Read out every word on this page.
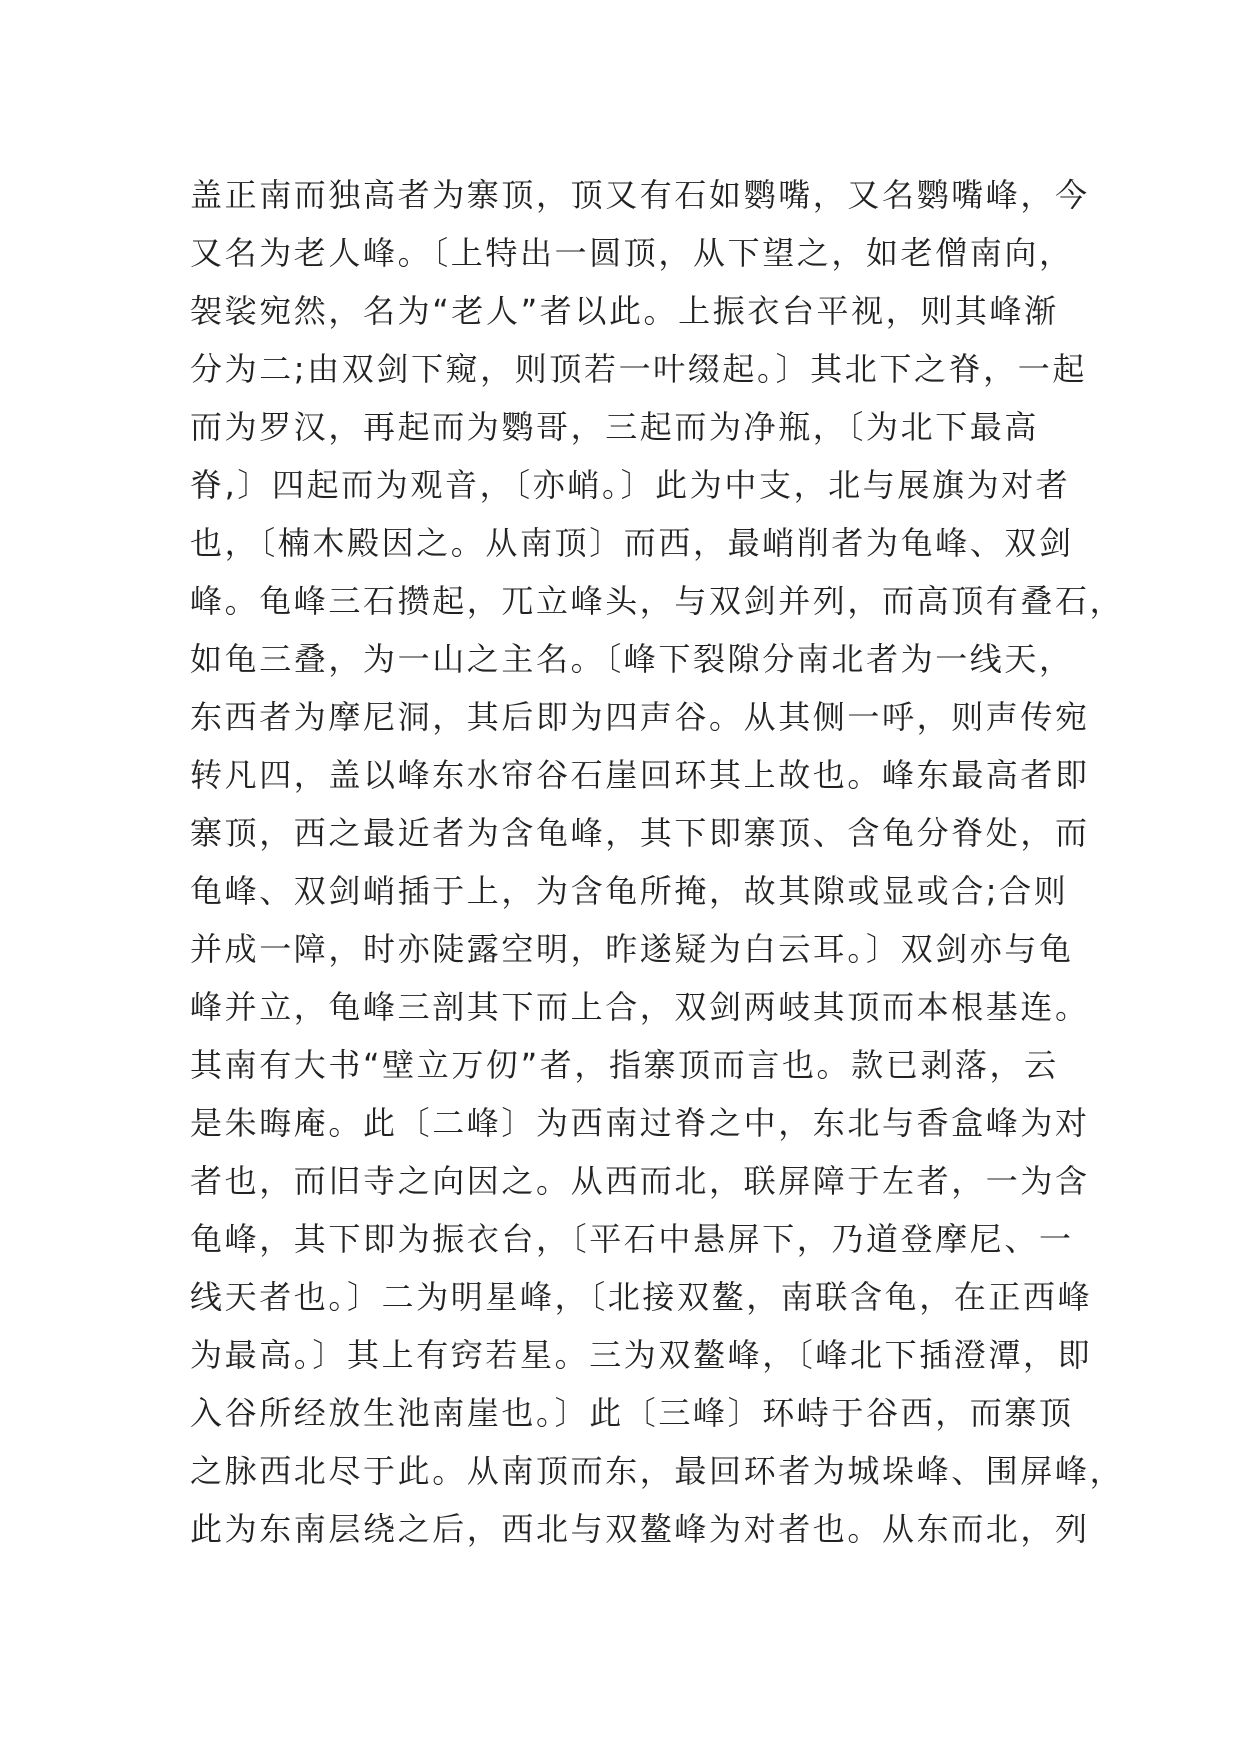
盖正南而独高者为寨顶，顶又有石如鹦嘴，又名鹦嘴峰，今
又名为老人峰。〔上特出一圆顶，从下望之，如老僧南向，
袈裟宛然，名为“老人”者以此。上振衣台平视，则其峰渐
分为二;由双剑下窥，则顶若一叶缀起。〕其北下之脊，一起
而为罗汉，再起而为鹦哥，三起而为净瓶，〔为北下最高
脊,〕四起而为观音，〔亦峭。〕此为中支，北与展旗为对者
也，〔楠木殿因之。从南顶〕而西，最峭削者为龟峰、双剑
峰。龟峰三石攒起，兀立峰头，与双剑并列，而高顶有叠石，
如龟三叠，为一山之主名。〔峰下裂隙分南北者为一线天，
东西者为摩尼洞，其后即为四声谷。从其侧一呼，则声传宛
转凡四，盖以峰东水帘谷石崖回环其上故也。峰东最高者即
寨顶，西之最近者为含龟峰，其下即寨顶、含龟分脊处，而
龟峰、双剑峭插于上，为含龟所掩，故其隙或显或合;合则
并成一障，时亦陡露空明，昨遂疑为白云耳。〕双剑亦与龟
峰并立，龟峰三剖其下而上合，双剑两岐其顶而本根基连。
其南有大书“壁立万仞”者，指寨顶而言也。款已剥落，云
是朱晦庵。此〔二峰〕为西南过脊之中，东北与香盒峰为对
者也，而旧寺之向因之。从西而北，联屏障于左者，一为含
龟峰，其下即为振衣台，〔平石中悬屏下，乃道登摩尼、一
线天者也。〕二为明星峰，〔北接双鳌，南联含龟，在正西峰
为最高。〕其上有窍若星。三为双鳌峰，〔峰北下插澄潭，即
入谷所经放生池南崖也。〕此〔三峰〕环峙于谷西，而寨顶
之脉西北尽于此。从南顶而东，最回环者为城垛峰、围屏峰，
此为东南层绕之后，西北与双鳌峰为对者也。从东而北，列
